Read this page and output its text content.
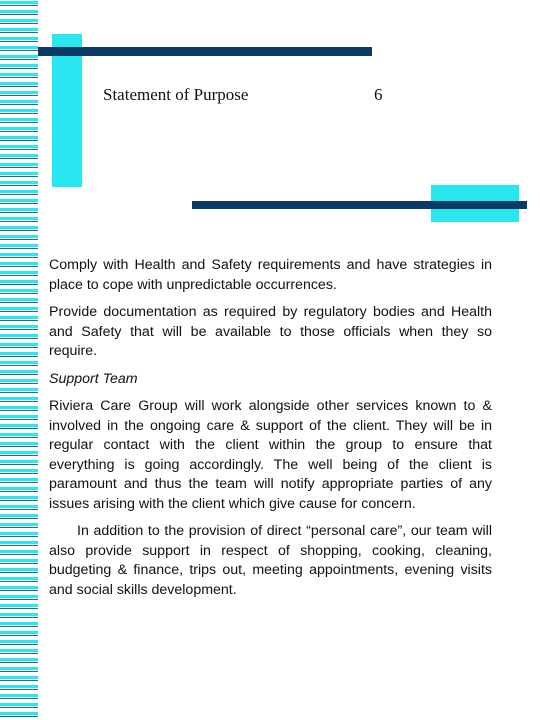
Statement of Purpose	6

Comply with Health and Safety requirements and have strategies in place to cope with unpredictable occurrences.

Provide documentation as required by regulatory bodies and Health and Safety that will be available to those officials when they so require.

Support Team

Riviera Care Group will work alongside other services known to & involved in the ongoing care & support of the client. They will be in regular contact with the client within the group to ensure that everything is going accordingly. The well being of the client is paramount and thus the team will notify appropriate parties of any issues arising with the client which give cause for concern.

In addition to the provision of direct “personal care”, our team will also provide support in respect of shopping, cooking, cleaning, budgeting & finance, trips out, meeting appointments, evening visits and social skills development.
